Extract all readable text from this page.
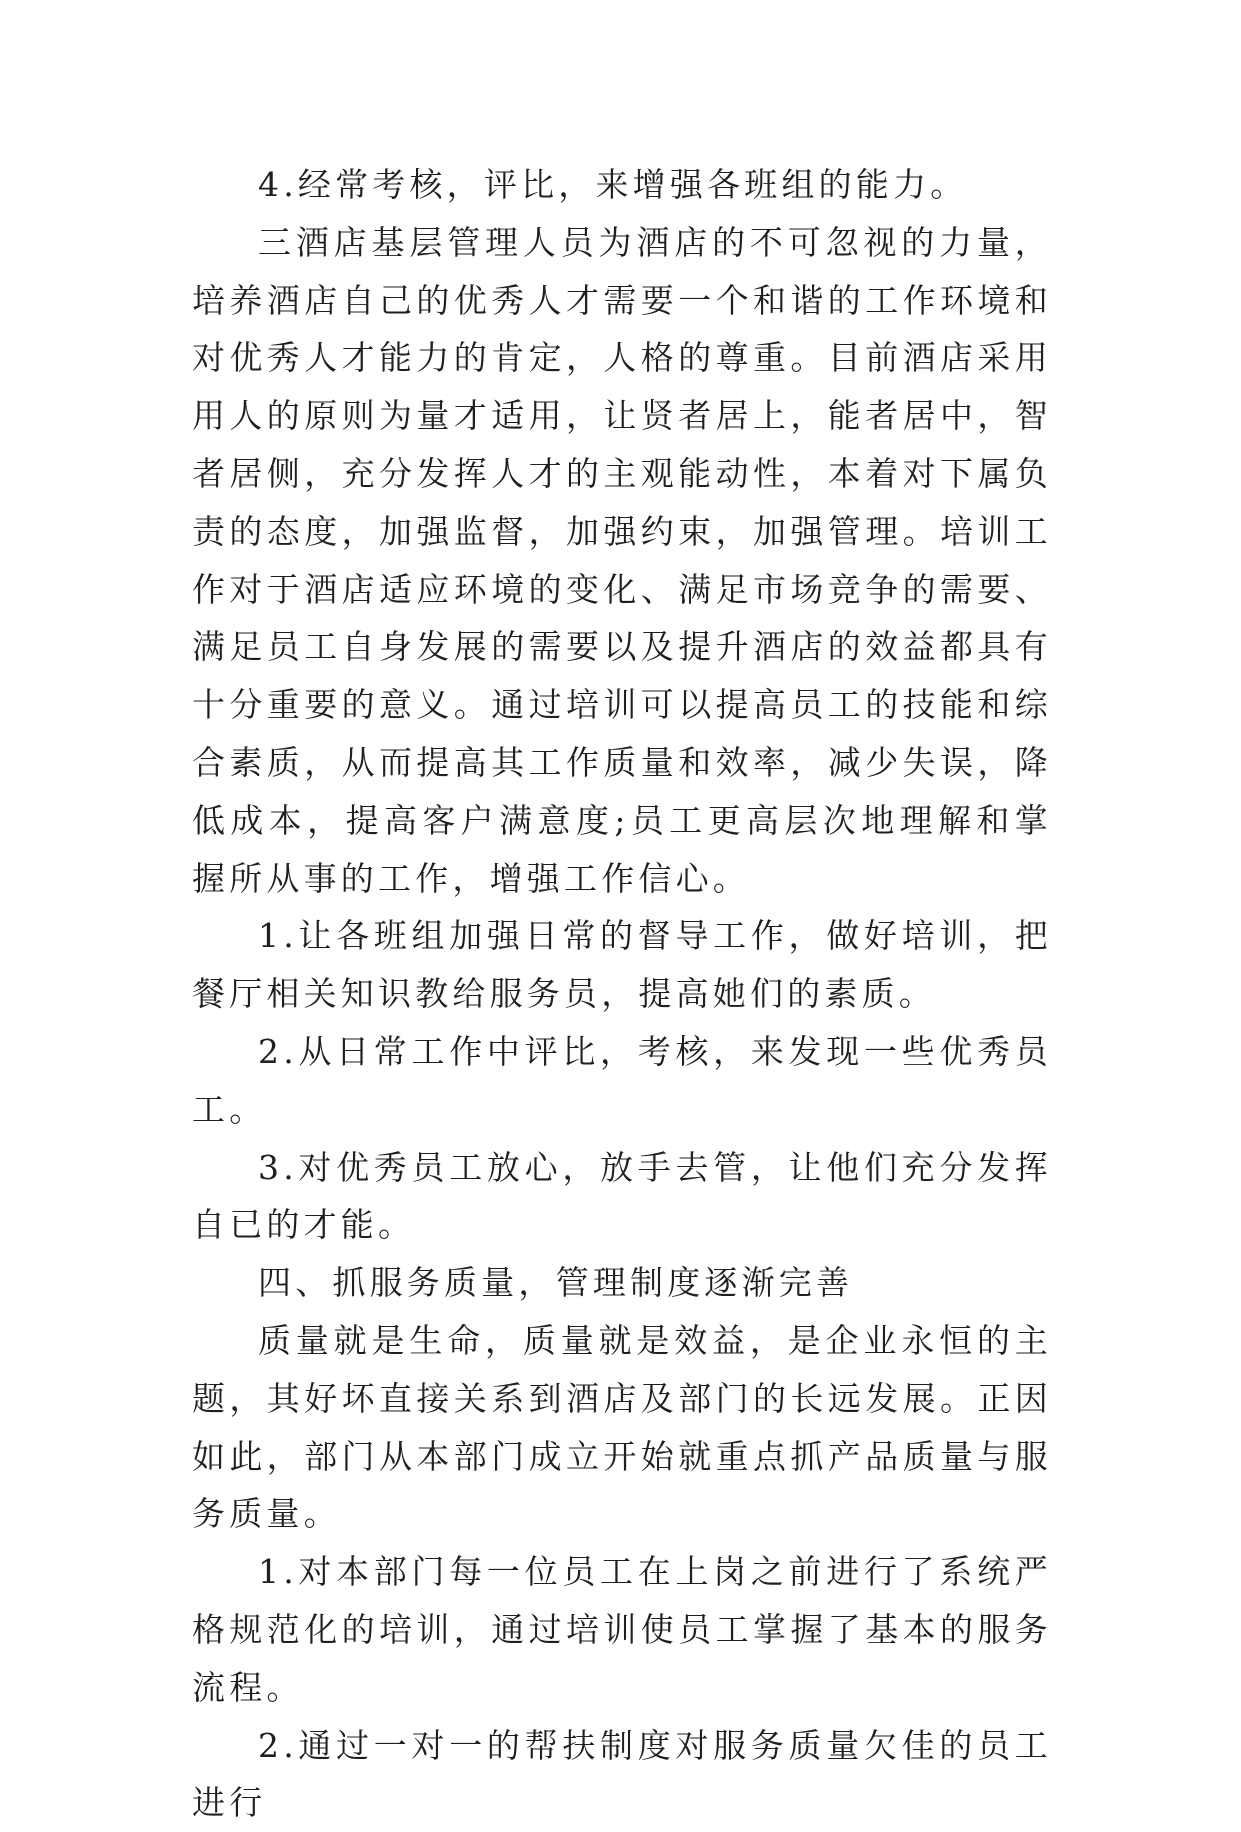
4.经常考核，评比，来增强各班组的能力。

三酒店基层管理人员为酒店的不可忽视的力量，培养酒店自己的优秀人才需要一个和谐的工作环境和对优秀人才能力的肯定，人格的尊重。目前酒店采用用人的原则为量才适用，让贤者居上，能者居中，智者居侧，充分发挥人才的主观能动性，本着对下属负责的态度，加强监督，加强约束，加强管理。培训工作对于酒店适应环境的变化、满足市场竞争的需要、满足员工自身发展的需要以及提升酒店的效益都具有十分重要的意义。通过培训可以提高员工的技能和综合素质，从而提高其工作质量和效率，减少失误，降低成本，提高客户满意度;员工更高层次地理解和掌握所从事的工作，增强工作信心。

1.让各班组加强日常的督导工作，做好培训，把餐厅相关知识教给服务员，提高她们的素质。

2.从日常工作中评比，考核，来发现一些优秀员工。

3.对优秀员工放心，放手去管，让他们充分发挥自已的才能。

四、抓服务质量，管理制度逐渐完善

质量就是生命，质量就是效益，是企业永恒的主题，其好坏直接关系到酒店及部门的长远发展。正因如此，部门从本部门成立开始就重点抓产品质量与服务质量。

1.对本部门每一位员工在上岗之前进行了系统严格规范化的培训，通过培训使员工掌握了基本的服务流程。

2.通过一对一的帮扶制度对服务质量欠佳的员工进行
